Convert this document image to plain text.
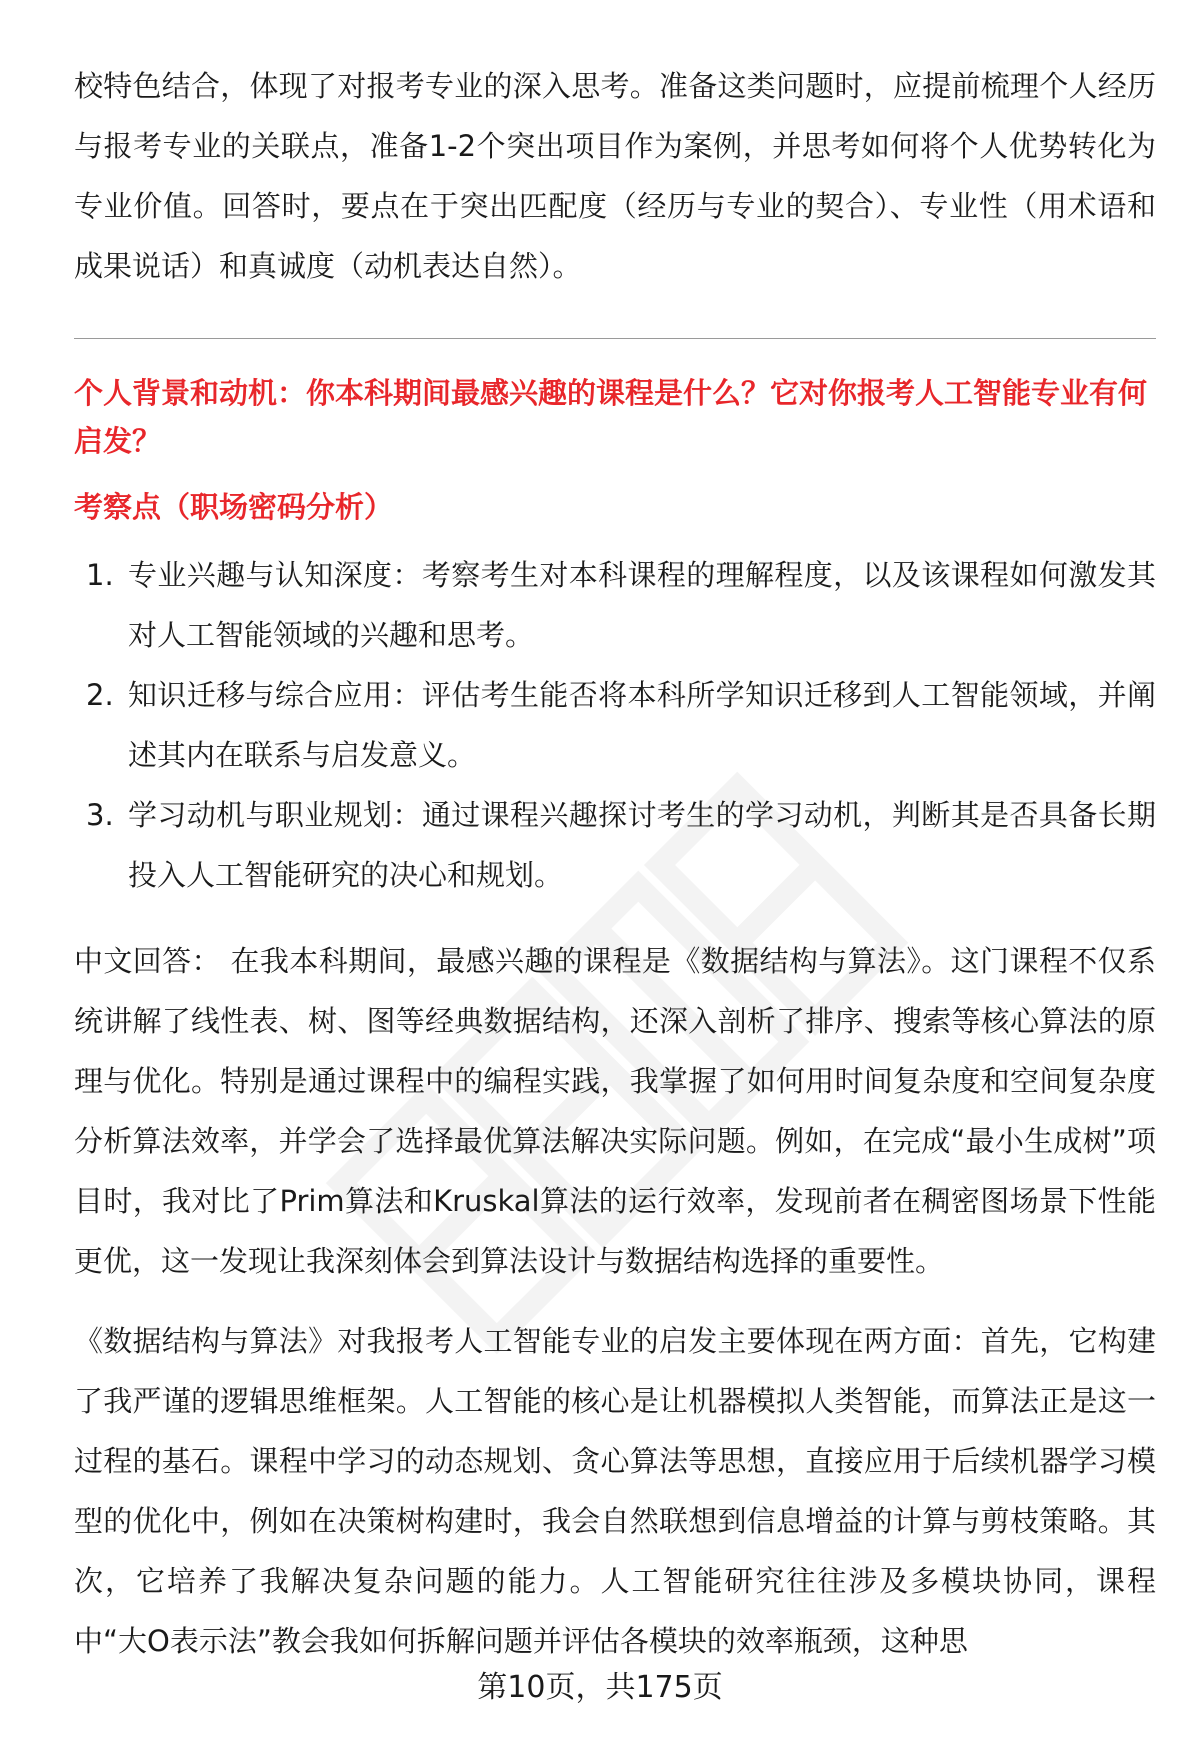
校特色结合，体现了对报考专业的深入思考。准备这类问题时，应提前梳理个人经历与报考专业的关联点，准备1-2个突出项目作为案例，并思考如何将个人优势转化为专业价值。回答时，要点在于突出匹配度（经历与专业的契合）、专业性（用术语和成果说话）和真诚度（动机表达自然）。

个人背景和动机：你本科期间最感兴趣的课程是什么？它对你报考人工智能专业有何启发？

考察点（职场密码分析）

1. 专业兴趣与认知深度：考察考生对本科课程的理解程度，以及该课程如何激发其对人工智能领域的兴趣和思考。
2. 知识迁移与综合应用：评估考生能否将本科所学知识迁移到人工智能领域，并阐述其内在联系与启发意义。
3. 学习动机与职业规划：通过课程兴趣探讨考生的学习动机，判断其是否具备长期投入人工智能研究的决心和规划。

中文回答： 在我本科期间，最感兴趣的课程是《数据结构与算法》。这门课程不仅系统讲解了线性表、树、图等经典数据结构，还深入剖析了排序、搜索等核心算法的原理与优化。特别是通过课程中的编程实践，我掌握了如何用时间复杂度和空间复杂度分析算法效率，并学会了选择最优算法解决实际问题。例如，在完成“最小生成树”项目时，我对比了Prim算法和Kruskal算法的运行效率，发现前者在稠密图场景下性能更优，这一发现让我深刻体会到算法设计与数据结构选择的重要性。

《数据结构与算法》对我报考人工智能专业的启发主要体现在两方面：首先，它构建了我严谨的逻辑思维框架。人工智能的核心是让机器模拟人类智能，而算法正是这一过程的基石。课程中学习的动态规划、贪心算法等思想，直接应用于后续机器学习模型的优化中，例如在决策树构建时，我会自然联想到信息增益的计算与剪枝策略。其次，它培养了我解决复杂问题的能力。人工智能研究往往涉及多模块协同，课程中“大O表示法”教会我如何拆解问题并评估各模块的效率瓶颈，这种思

第10页，共175页
